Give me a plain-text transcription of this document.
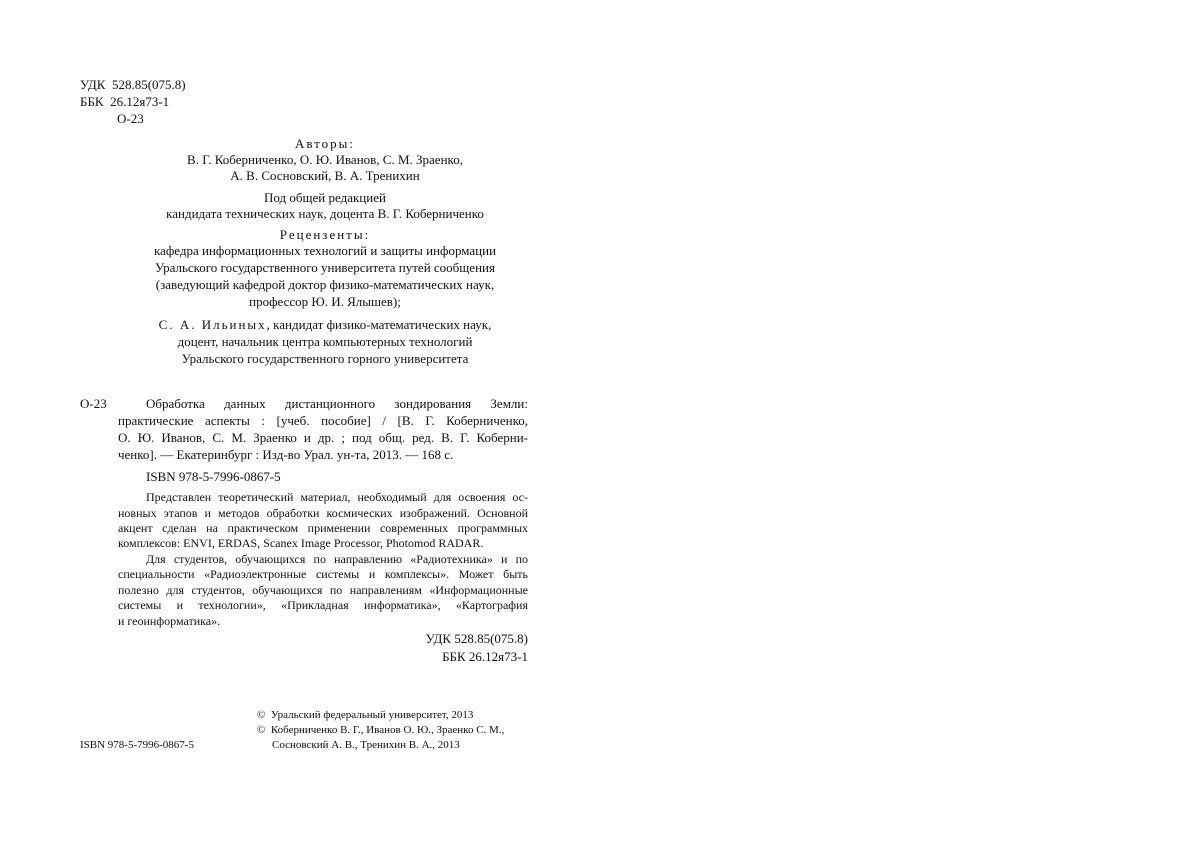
УДК 528.85(075.8)
ББК 26.12я73-1
О-23
Авторы:
В. Г. Коберниченко, О. Ю. Иванов, С. М. Зраенко,
А. В. Сосновский, В. А. Тренихин
Под общей редакцией
кандидата технических наук, доцента В. Г. Коберниченко
Рецензенты:
кафедра информационных технологий и защиты информации
Уральского государственного университета путей сообщения
(заведующий кафедрой доктор физико-математических наук,
профессор Ю. И. Ялышев);
С. А. Ильиных, кандидат физико-математических наук,
доцент, начальник центра компьютерных технологий
Уральского государственного горного университета
О-23	Обработка данных дистанционного зондирования Земли:
практические аспекты : [учеб. пособие] / [В. Г. Коберниченко,
О. Ю. Иванов, С. М. Зраенко и др. ; под общ. ред. В. Г. Коберни-
ченко]. — Екатеринбург : Изд-во Урал. ун-та, 2013. — 168 с.
ISBN 978-5-7996-0867-5
Представлен теоретический материал, необходимый для освоения ос-
новных этапов и методов обработки космических изображений. Основной
акцент сделан на практическом применении современных программных
комплексов: ENVI, ERDAS, Scanex Image Processor, Photomod RADAR.
Для студентов, обучающихся по направлению «Радиотехника» и по
специальности «Радиоэлектронные системы и комплексы». Может быть
полезно для студентов, обучающихся по направлениям «Информационные
системы и технологии», «Прикладная информатика», «Картография
и геоинформатика».
УДК 528.85(075.8)
ББК 26.12я73-1
© Уральский федеральный университет, 2013
© Коберниченко В. Г., Иванов О. Ю., Зраенко С. М.,
Сосновский А. В., Тренихин В. А., 2013
ISBN 978-5-7996-0867-5
